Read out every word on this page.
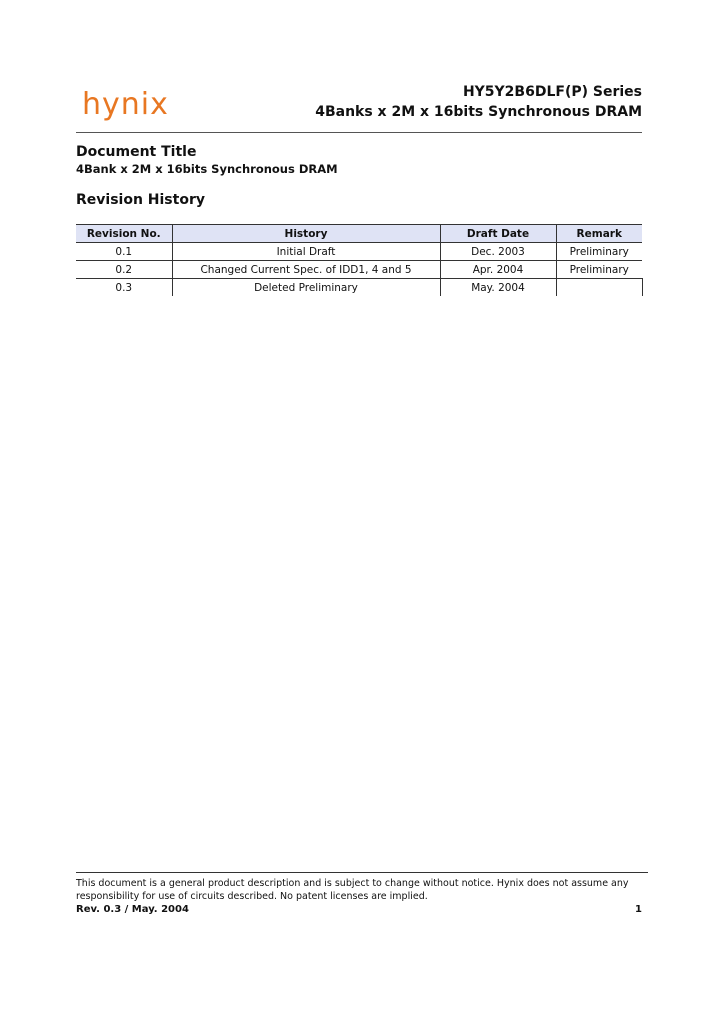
hynix	HY5Y2B6DLF(P) Series
4Banks x 2M x 16bits Synchronous DRAM
Document Title
4Bank x 2M x 16bits Synchronous DRAM
Revision History
Revision No.	History	Draft Date	Remark
0.1	Initial Draft	Dec. 2003	Preliminary
0.2	Changed Current Spec. of IDD1, 4 and 5	Apr. 2004	Preliminary
0.3	Deleted Preliminary	May. 2004	
This document is a general product description and is subject to change without notice. Hynix does not assume any responsibility for use of circuits described. No patent licenses are implied.
Rev. 0.3 / May. 2004	1
